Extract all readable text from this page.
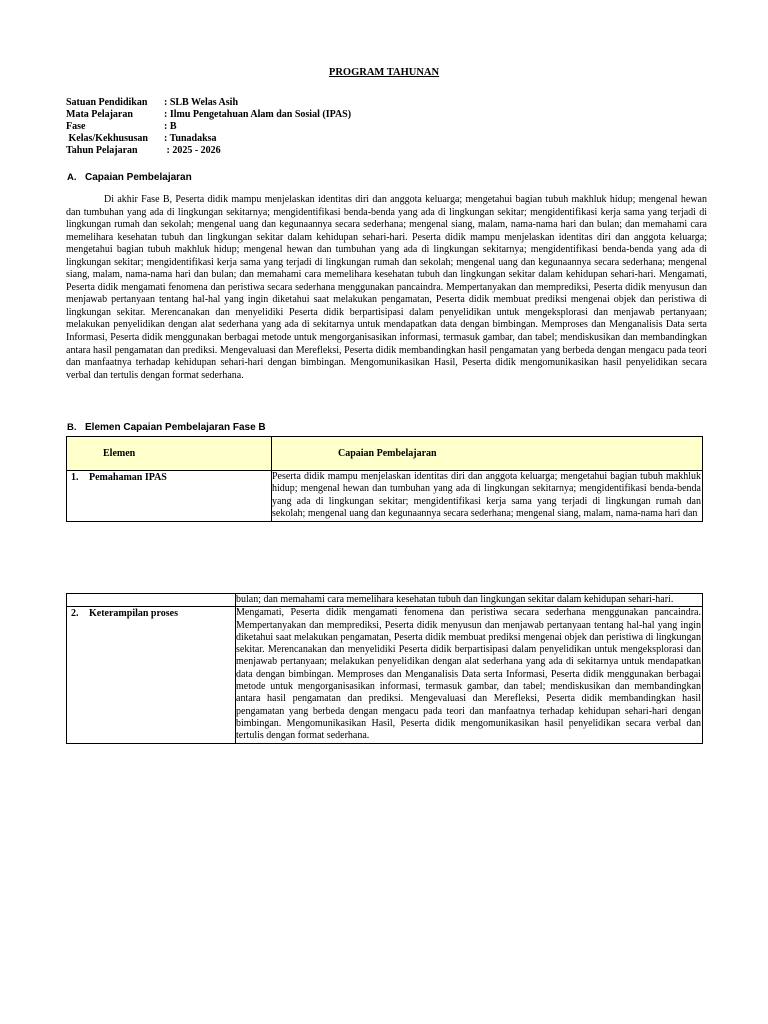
PROGRAM TAHUNAN
Satuan Pendidikan	: SLB Welas Asih
Mata Pelajaran	: Ilmu Pengetahuan Alam dan Sosial (IPAS)
Fase	: B
Kelas/Kekhususan	: Tunadaksa
Tahun Pelajaran	: 2025 - 2026
A. Capaian Pembelajaran
Di akhir Fase B, Peserta didik mampu menjelaskan identitas diri dan anggota keluarga; mengetahui bagian tubuh makhluk hidup; mengenal hewan dan tumbuhan yang ada di lingkungan sekitarnya; mengidentifikasi benda-benda yang ada di lingkungan sekitar; mengidentifikasi kerja sama yang terjadi di lingkungan rumah dan sekolah; mengenal uang dan kegunaannya secara sederhana; mengenal siang, malam, nama-nama hari dan bulan; dan memahami cara memelihara kesehatan tubuh dan lingkungan sekitar dalam kehidupan sehari-hari. Peserta didik mampu menjelaskan identitas diri dan anggota keluarga; mengetahui bagian tubuh makhluk hidup; mengenal hewan dan tumbuhan yang ada di lingkungan sekitarnya; mengidentifikasi benda-benda yang ada di lingkungan sekitar; mengidentifikasi kerja sama yang terjadi di lingkungan rumah dan sekolah; mengenal uang dan kegunaannya secara sederhana; mengenal siang, malam, nama-nama hari dan bulan; dan memahami cara memelihara kesehatan tubuh dan lingkungan sekitar dalam kehidupan sehari-hari. Mengamati, Peserta didik mengamati fenomena dan peristiwa secara sederhana menggunakan pancaindra. Mempertanyakan dan memprediksi, Peserta didik menyusun dan menjawab pertanyaan tentang hal-hal yang ingin diketahui saat melakukan pengamatan, Peserta didik membuat prediksi mengenai objek dan peristiwa di lingkungan sekitar. Merencanakan dan menyelidiki Peserta didik berpartisipasi dalam penyelidikan untuk mengeksplorasi dan menjawab pertanyaan; melakukan penyelidikan dengan alat sederhana yang ada di sekitarnya untuk mendapatkan data dengan bimbingan. Memproses dan Menganalisis Data serta Informasi, Peserta didik menggunakan berbagai metode untuk mengorganisasikan informasi, termasuk gambar, dan tabel; mendiskusikan dan membandingkan antara hasil pengamatan dan prediksi. Mengevaluasi dan Merefleksi, Peserta didik membandingkan hasil pengamatan yang berbeda dengan mengacu pada teori dan manfaatnya terhadap kehidupan sehari-hari dengan bimbingan. Mengomunikasikan Hasil, Peserta didik mengomunikasikan hasil penyelidikan secara verbal dan tertulis dengan format sederhana.
B. Elemen Capaian Pembelajaran Fase B
Elemen	Capaian Pembelajaran

1. Pemahaman IPAS	Peserta didik mampu menjelaskan identitas diri dan anggota keluarga; mengetahui bagian tubuh makhluk hidup; mengenal hewan dan tumbuhan yang ada di lingkungan sekitarnya; mengidentifikasi benda-benda yang ada di lingkungan sekitar; mengidentifikasi kerja sama yang terjadi di lingkungan rumah dan sekolah; mengenal uang dan kegunaannya secara sederhana; mengenal siang, malam, nama-nama hari dan

	bulan; dan memahami cara memelihara kesehatan tubuh dan lingkungan sekitar dalam kehidupan sehari-hari.

2. Keterampilan proses	Mengamati, Peserta didik mengamati fenomena dan peristiwa secara sederhana menggunakan pancaindra. Mempertanyakan dan memprediksi, Peserta didik menyusun dan menjawab pertanyaan tentang hal-hal yang ingin diketahui saat melakukan pengamatan, Peserta didik membuat prediksi mengenai objek dan peristiwa di lingkungan sekitar. Merencanakan dan menyelidiki Peserta didik berpartisipasi dalam penyelidikan untuk mengeksplorasi dan menjawab pertanyaan; melakukan penyelidikan dengan alat sederhana yang ada di sekitarnya untuk mendapatkan data dengan bimbingan. Memproses dan Menganalisis Data serta Informasi, Peserta didik menggunakan berbagai metode untuk mengorganisasikan informasi, termasuk gambar, dan tabel; mendiskusikan dan membandingkan antara hasil pengamatan dan prediksi. Mengevaluasi dan Merefleksi, Peserta didik membandingkan hasil pengamatan yang berbeda dengan mengacu pada teori dan manfaatnya terhadap kehidupan sehari-hari dengan bimbingan. Mengomunikasikan Hasil, Peserta didik mengomunikasikan hasil penyelidikan secara verbal dan tertulis dengan format sederhana.
